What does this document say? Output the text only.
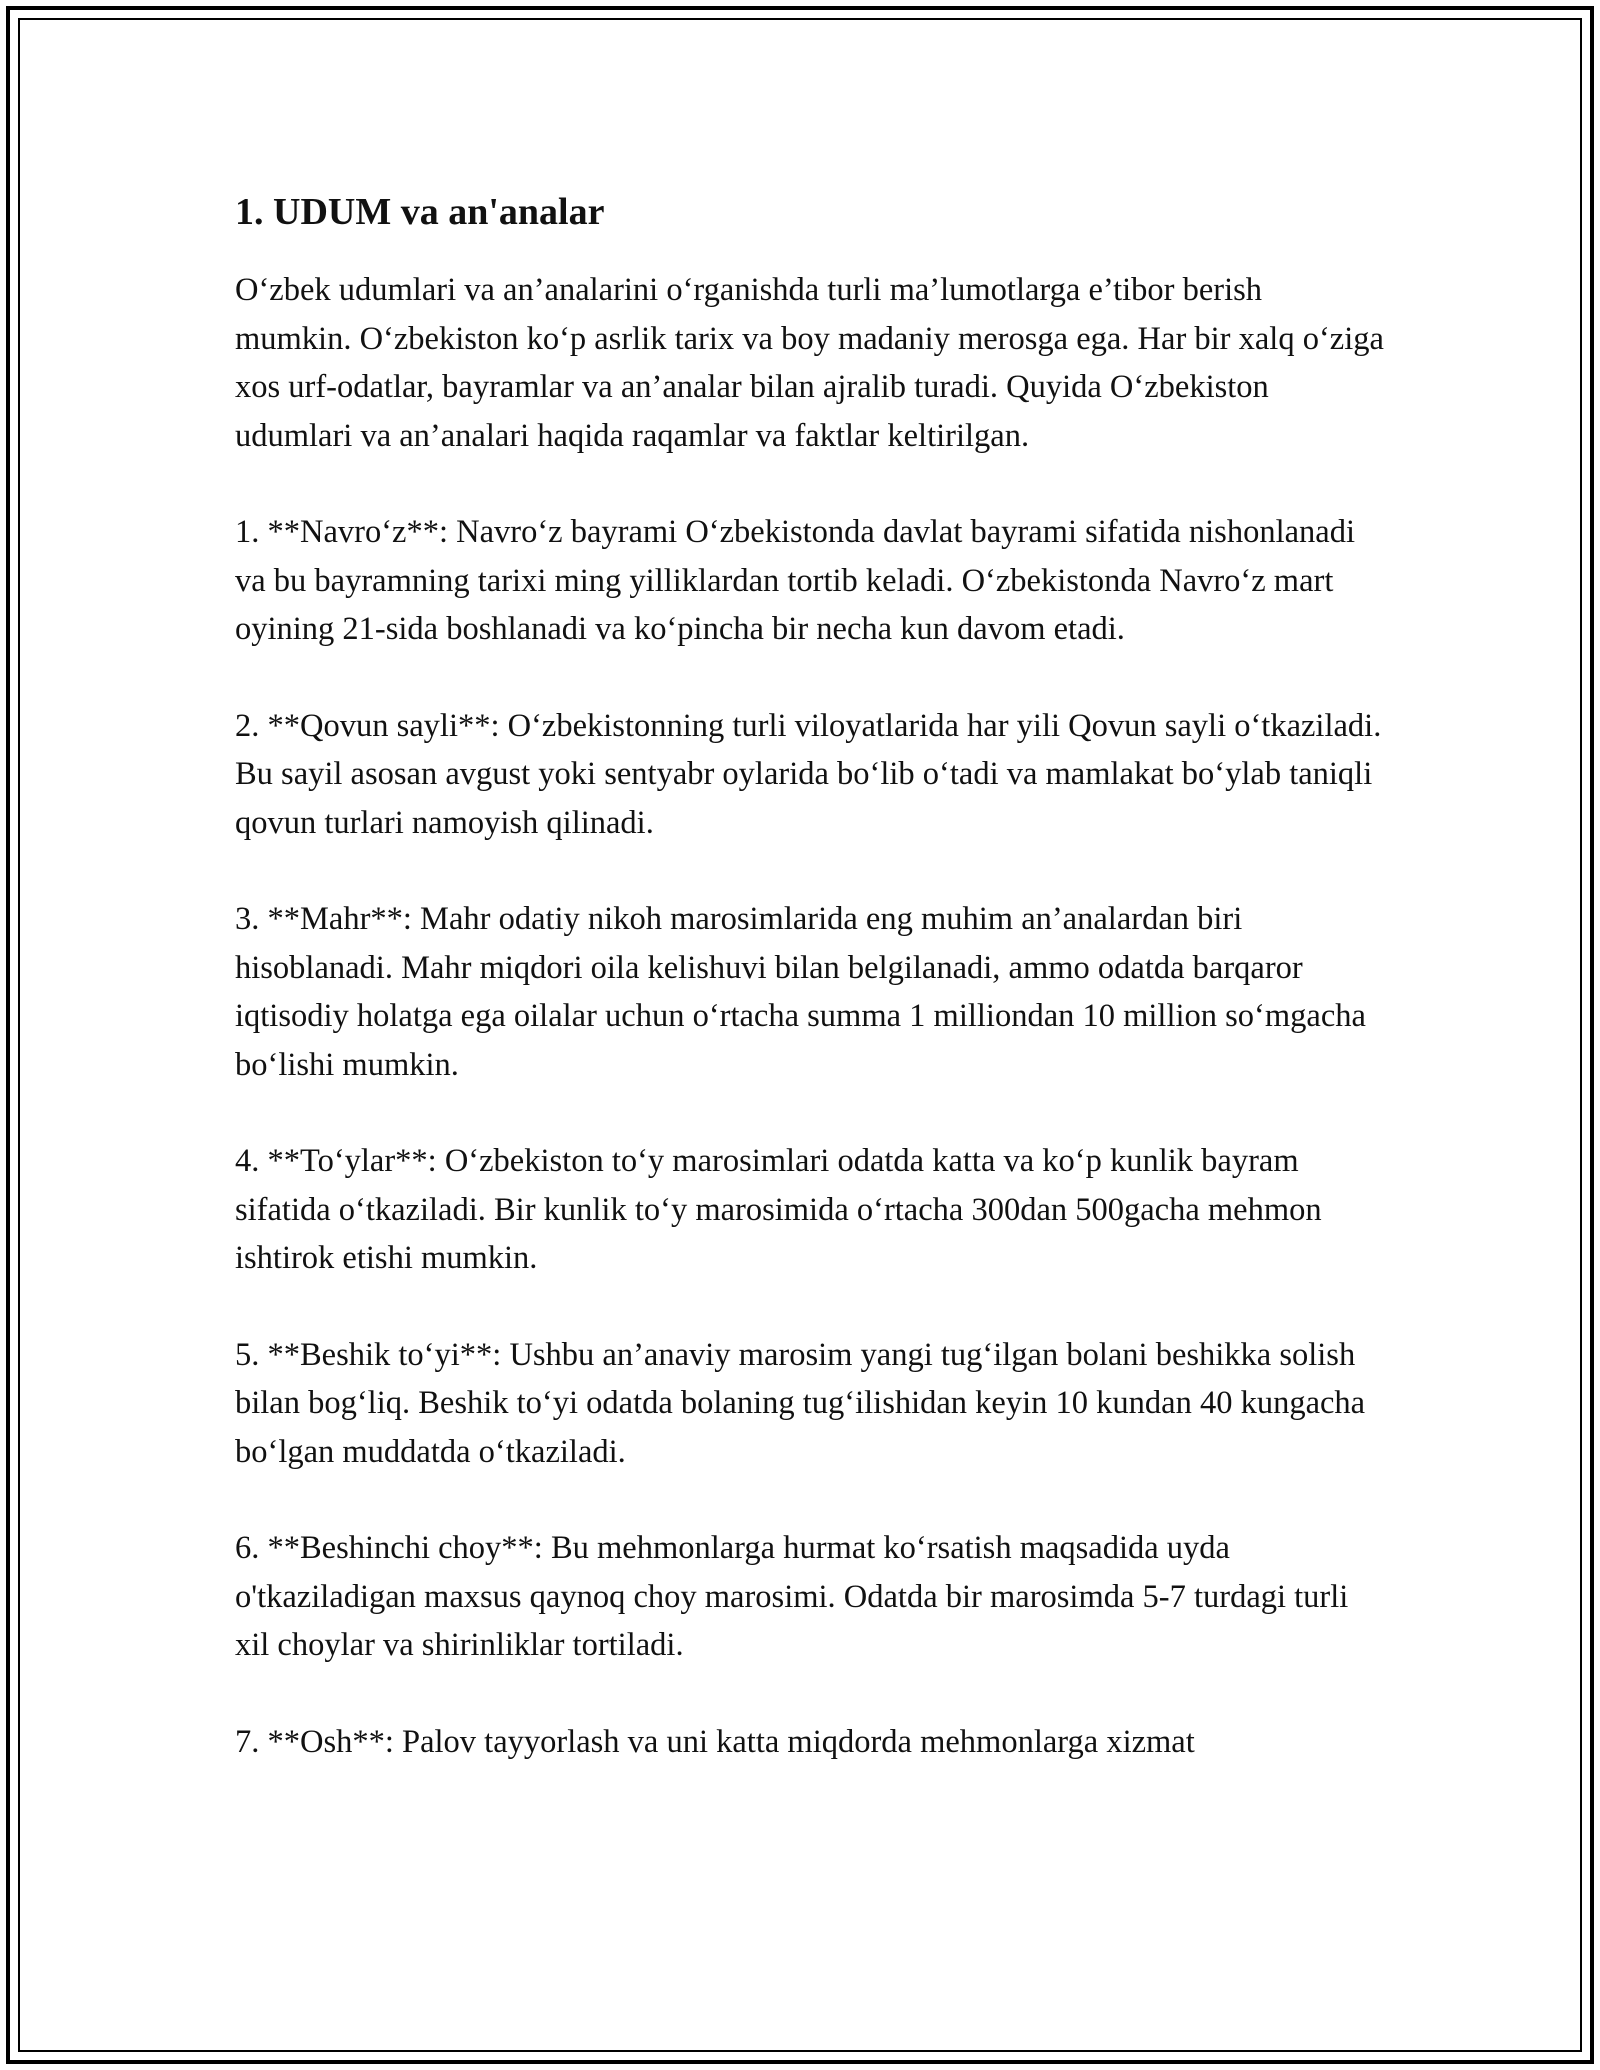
1. UDUM va an'analar

O‘zbek udumlari va an’analarini o‘rganishda turli ma’lumotlarga e’tibor berish mumkin. O‘zbekiston ko‘p asrlik tarix va boy madaniy merosga ega. Har bir xalq o‘ziga xos urf-odatlar, bayramlar va an’analar bilan ajralib turadi. Quyida O‘zbekiston udumlari va an’analari haqida raqamlar va faktlar keltirilgan.

1. **Navro‘z**: Navro‘z bayrami O‘zbekistonda davlat bayrami sifatida nishonlanadi va bu bayramning tarixi ming yilliklardan tortib keladi. O‘zbekistonda Navro‘z mart oyining 21-sida boshlanadi va ko‘pincha bir necha kun davom etadi.

2. **Qovun sayli**: O‘zbekistonning turli viloyatlarida har yili Qovun sayli o‘tkaziladi. Bu sayil asosan avgust yoki sentyabr oylarida bo‘lib o‘tadi va mamlakat bo‘ylab taniqli qovun turlari namoyish qilinadi.

3. **Mahr**: Mahr odatiy nikoh marosimlarida eng muhim an’analardan biri hisoblanadi. Mahr miqdori oila kelishuvi bilan belgilanadi, ammo odatda barqaror iqtisodiy holatga ega oilalar uchun o‘rtacha summa 1 milliondan 10 million so‘mgacha bo‘lishi mumkin.

4. **To‘ylar**: O‘zbekiston to‘y marosimlari odatda katta va ko‘p kunlik bayram sifatida o‘tkaziladi. Bir kunlik to‘y marosimida o‘rtacha 300dan 500gacha mehmon ishtirok etishi mumkin.

5. **Beshik to‘yi**: Ushbu an’anaviy marosim yangi tug‘ilgan bolani beshikka solish bilan bog‘liq. Beshik to‘yi odatda bolaning tug‘ilishidan keyin 10 kundan 40 kungacha bo‘lgan muddatda o‘tkaziladi.

6. **Beshinchi choy**: Bu mehmonlarga hurmat ko‘rsatish maqsadida uyda o'tkaziladigan maxsus qaynoq choy marosimi. Odatda bir marosimda 5-7 turdagi turli xil choylar va shirinliklar tortiladi.

7. **Osh**: Palov tayyorlash va uni katta miqdorda mehmonlarga xizmat
